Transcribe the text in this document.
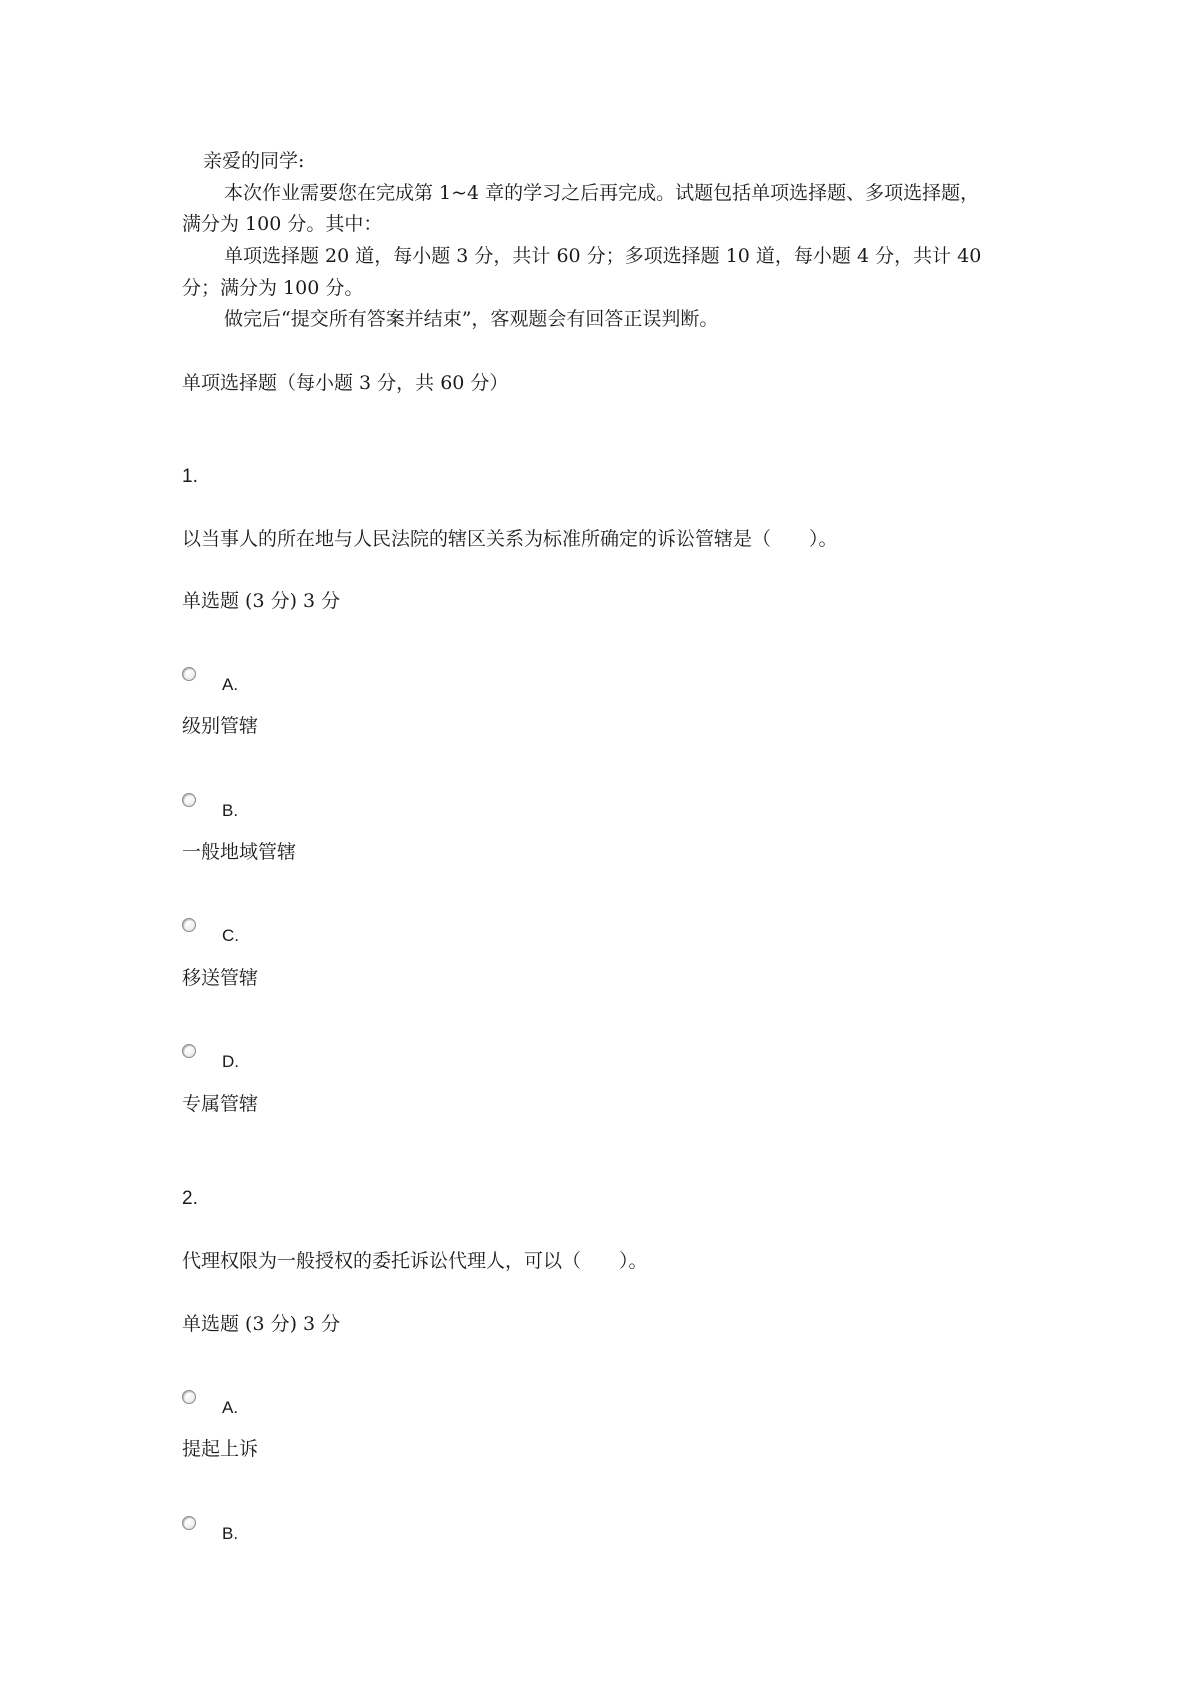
亲爱的同学:
本次作业需要您在完成第 1~4 章的学习之后再完成。试题包括单项选择题、多项选择题，
满分为 100 分。其中：
单项选择题 20 道，每小题 3 分，共计 60 分；多项选择题 10 道，每小题 4 分，共计 40
分；满分为 100 分。
做完后“提交所有答案并结束”，客观题会有回答正误判断。
单项选择题（每小题 3 分，共 60 分）
1.
以当事人的所在地与人民法院的辖区关系为标准所确定的诉讼管辖是（　　）。
单选题 (3 分) 3 分
A.
级别管辖
B.
一般地域管辖
C.
移送管辖
D.
专属管辖
2.
代理权限为一般授权的委托诉讼代理人，可以（　　）。
单选题 (3 分) 3 分
A.
提起上诉
B.
